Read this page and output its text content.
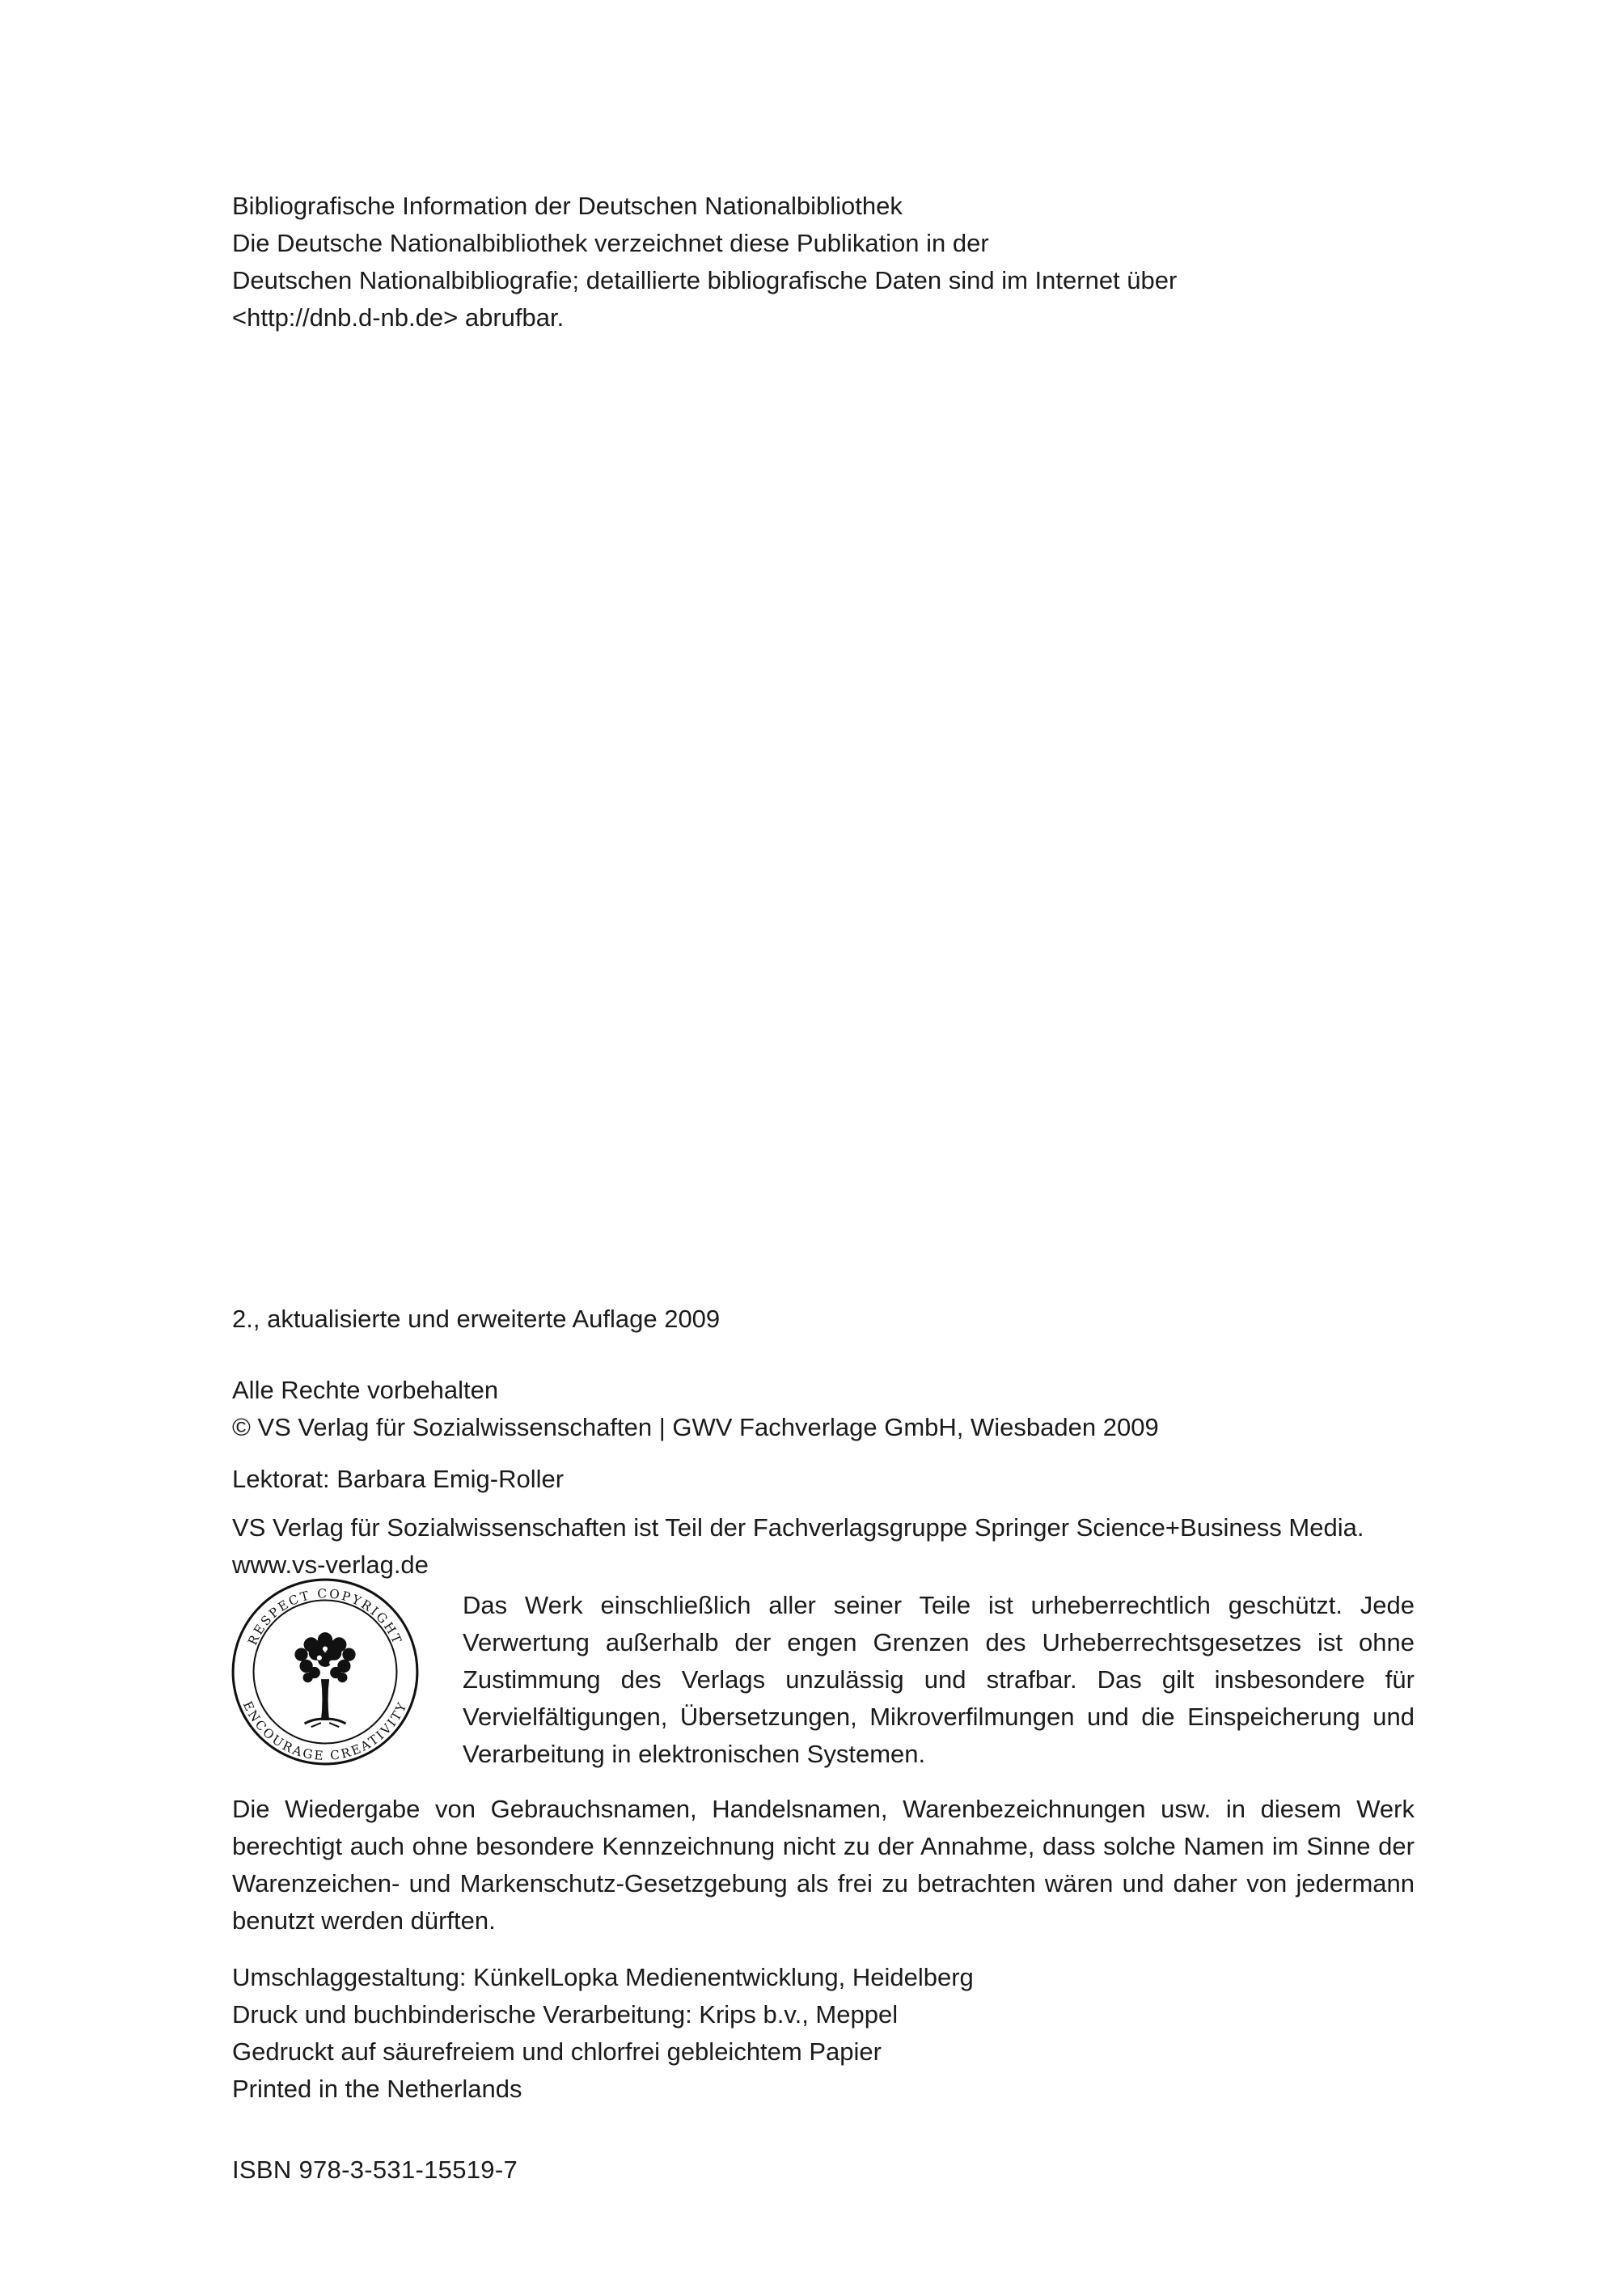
Bibliografische Information der Deutschen Nationalbibliothek
Die Deutsche Nationalbibliothek verzeichnet diese Publikation in der
Deutschen Nationalbibliografie; detaillierte bibliografische Daten sind im Internet über
<http://dnb.d-nb.de> abrufbar.
2., aktualisierte und erweiterte Auflage 2009
Alle Rechte vorbehalten
© VS Verlag für Sozialwissenschaften | GWV Fachverlage GmbH, Wiesbaden 2009
Lektorat: Barbara Emig-Roller
VS Verlag für Sozialwissenschaften ist Teil der Fachverlagsgruppe Springer Science+Business Media.
www.vs-verlag.de
RESPECT COPYRIGHT
ENCOURAGE CREATIVITY

Das Werk einschließlich aller seiner Teile ist urheberrechtlich geschützt. Jede Verwertung außerhalb der engen Grenzen des Urheberrechtsgesetzes ist ohne Zustimmung des Verlags unzulässig und strafbar. Das gilt insbesondere für Vervielfältigungen, Übersetzungen, Mikroverfilmungen und die Einspeicherung und Verarbeitung in elektronischen Systemen.

Die Wiedergabe von Gebrauchsnamen, Handelsnamen, Warenbezeichnungen usw. in diesem Werk berechtigt auch ohne besondere Kennzeichnung nicht zu der Annahme, dass solche Namen im Sinne der Warenzeichen- und Markenschutz-Gesetzgebung als frei zu betrachten wären und daher von jedermann benutzt werden dürften.

Umschlaggestaltung: KünkelLopka Medienentwicklung, Heidelberg
Druck und buchbinderische Verarbeitung: Krips b.v., Meppel
Gedruckt auf säurefreiem und chlorfrei gebleichtem Papier
Printed in the Netherlands
ISBN 978-3-531-15519-7
